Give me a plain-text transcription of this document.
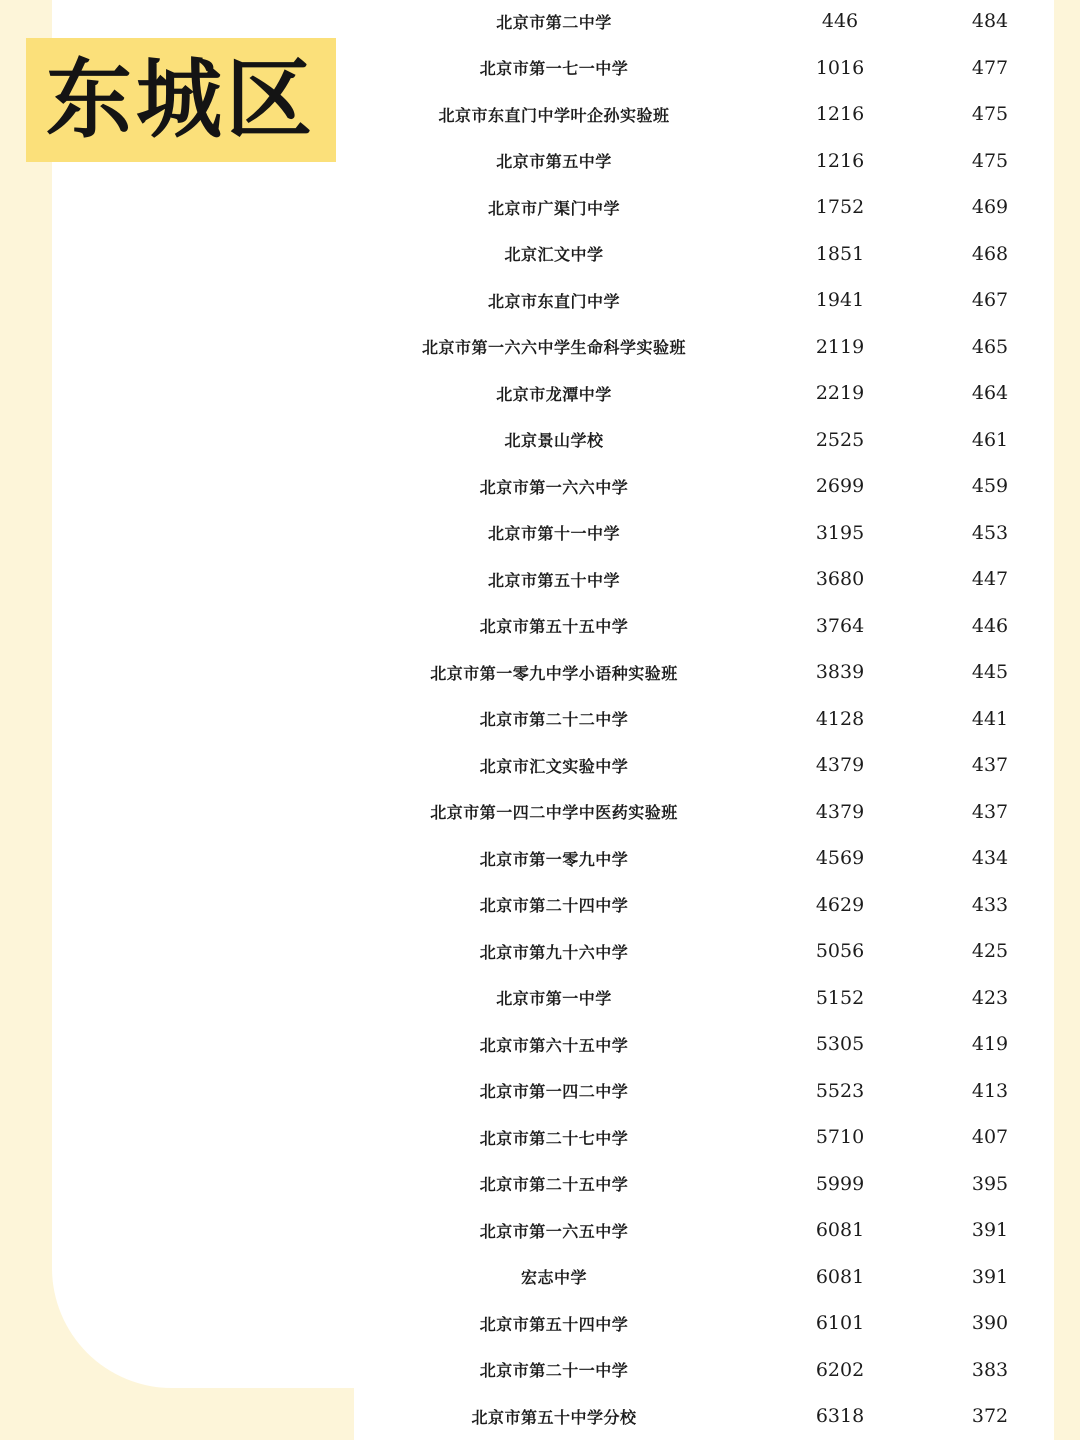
东城区
北京市第二中学	446	484
北京市第一七一中学	1016	477
北京市东直门中学叶企孙实验班	1216	475
北京市第五中学	1216	475
北京市广渠门中学	1752	469
北京汇文中学	1851	468
北京市东直门中学	1941	467
北京市第一六六中学生命科学实验班	2119	465
北京市龙潭中学	2219	464
北京景山学校	2525	461
北京市第一六六中学	2699	459
北京市第十一中学	3195	453
北京市第五十中学	3680	447
北京市第五十五中学	3764	446
北京市第一零九中学小语种实验班	3839	445
北京市第二十二中学	4128	441
北京市汇文实验中学	4379	437
北京市第一四二中学中医药实验班	4379	437
北京市第一零九中学	4569	434
北京市第二十四中学	4629	433
北京市第九十六中学	5056	425
北京市第一中学	5152	423
北京市第六十五中学	5305	419
北京市第一四二中学	5523	413
北京市第二十七中学	5710	407
北京市第二十五中学	5999	395
北京市第一六五中学	6081	391
宏志中学	6081	391
北京市第五十四中学	6101	390
北京市第二十一中学	6202	383
北京市第五十中学分校	6318	372
